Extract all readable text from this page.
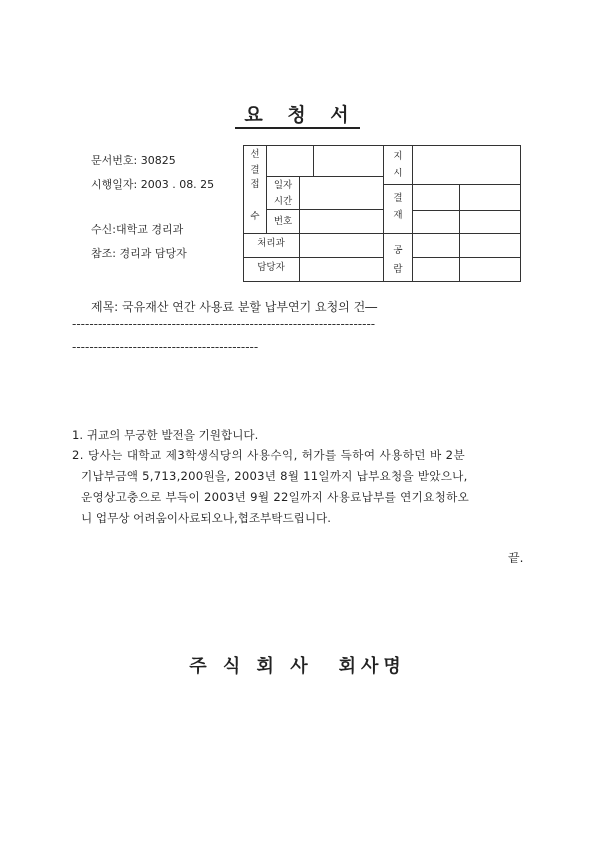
요 청 서
문서번호: 30825
시행일자: 2003 . 08. 25
수신:대학교 경리과
참조: 경리과 담당자
선
결
접
수
일자
시간
번호
처리과
담당자
지
시
결
재
공
람
제목: 국유재산 연간 사용료 분할 납부연기 요청의 건―
----------------------------------------------------------------------
-------------------------------------------
1. 귀교의 무궁한 발전을 기원합니다.
2. 당사는 대학교 제3학생식당의 사용수익, 허가를 득하여 사용하던 바 2분
기납부금액 5,713,200원을, 2003년 8월 11일까지 납부요청을 받았으나,
운영상고충으로 부득이 2003년 9월 22일까지 사용료납부를 연기요청하오
니 업무상 어려움이사료되오나,협조부탁드립니다.
끝.
주 식 회 사 회사명
